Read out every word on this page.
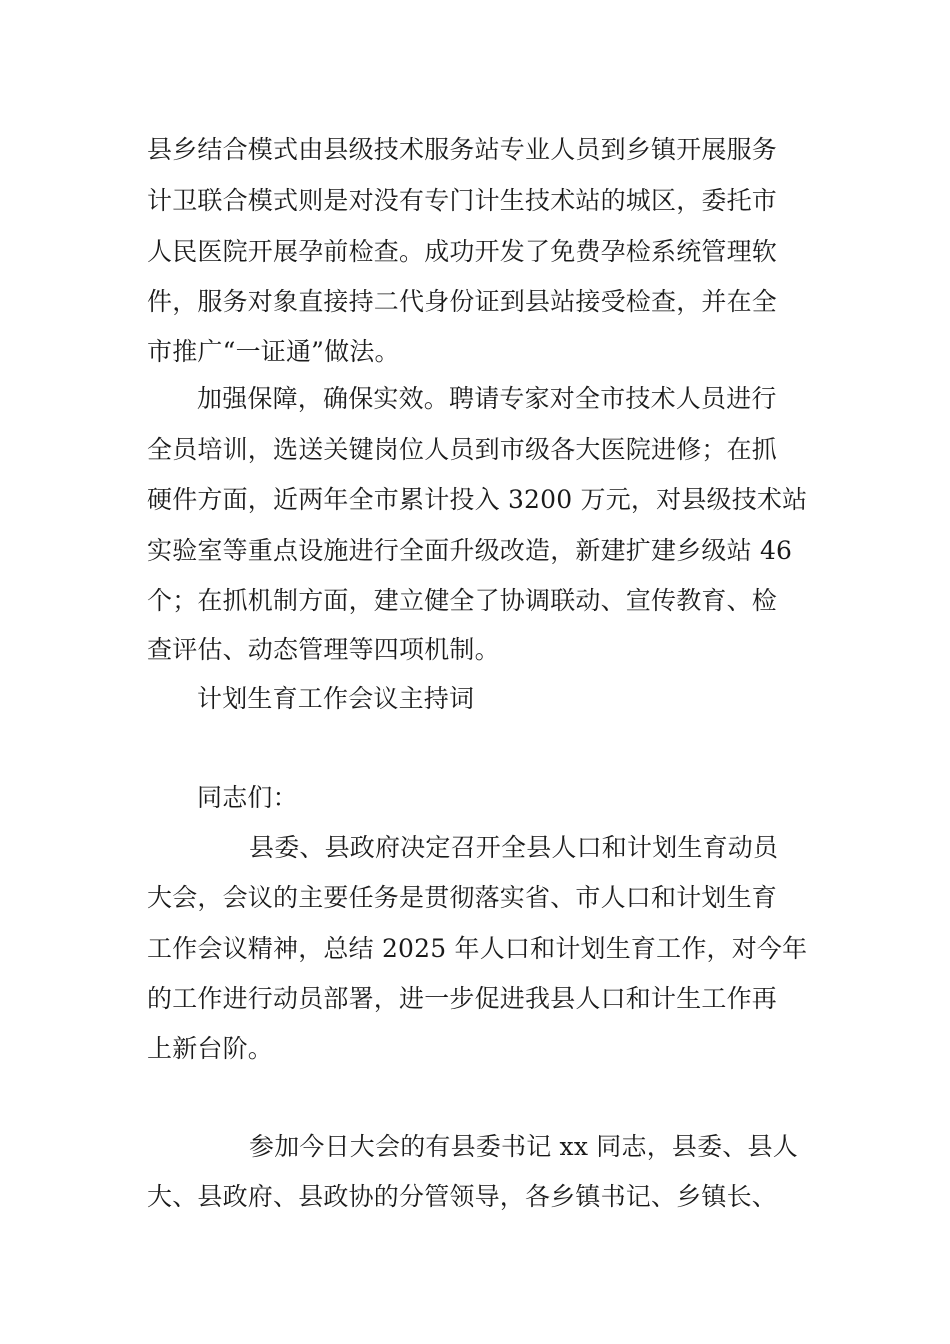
县乡结合模式由县级技术服务站专业人员到乡镇开展服务
计卫联合模式则是对没有专门计生技术站的城区，委托市
人民医院开展孕前检查。成功开发了免费孕检系统管理软
件，服务对象直接持二代身份证到县站接受检查，并在全
市推广“一证通”做法。
加强保障，确保实效。聘请专家对全市技术人员进行
全员培训，选送关键岗位人员到市级各大医院进修；在抓
硬件方面，近两年全市累计投入 3200 万元，对县级技术站
实验室等重点设施进行全面升级改造，新建扩建乡级站 46
个；在抓机制方面，建立健全了协调联动、宣传教育、检
查评估、动态管理等四项机制。
计划生育工作会议主持词
同志们：
县委、县政府决定召开全县人口和计划生育动员
大会，会议的主要任务是贯彻落实省、市人口和计划生育
工作会议精神，总结 2025 年人口和计划生育工作，对今年
的工作进行动员部署，进一步促进我县人口和计生工作再
上新台阶。
参加今日大会的有县委书记 xx 同志，县委、县人
大、县政府、县政协的分管领导，各乡镇书记、乡镇长、
